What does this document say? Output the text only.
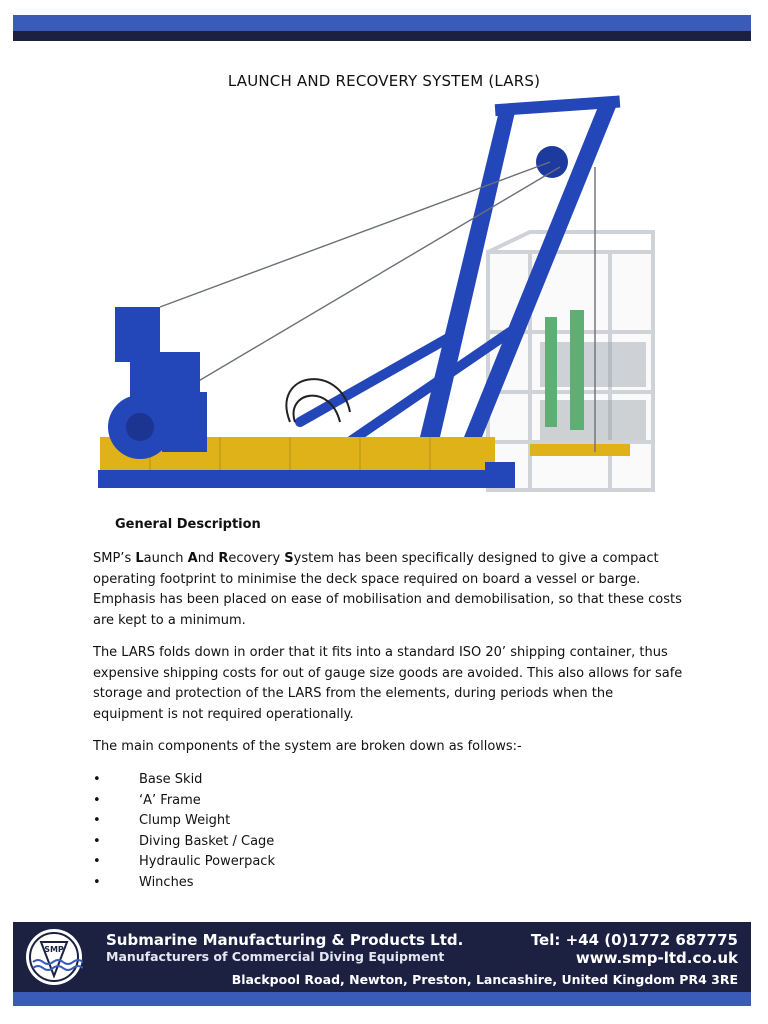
LAUNCH AND RECOVERY SYSTEM (LARS)
General Description

SMP’s Launch And Recovery System has been specifically designed to give a compact operating footprint to minimise the deck space required on board a vessel or barge. Emphasis has been placed on ease of mobilisation and demobilisation, so that these costs are kept to a minimum.

The LARS folds down in order that it fits into a standard ISO 20’ shipping container, thus expensive shipping costs for out of gauge size goods are avoided. This also allows for safe storage and protection of the LARS from the elements, during periods when the equipment is not required operationally.

The main components of the system are broken down as follows:-

•	Base Skid
•	‘A’ Frame
•	Clump Weight
•	Diving Basket / Cage
•	Hydraulic Powerpack
•	Winches
SMP
Submarine Manufacturing & Products Ltd.
Manufacturers of Commercial Diving Equipment
Tel: +44 (0)1772 687775
www.smp-ltd.co.uk
Blackpool Road, Newton, Preston, Lancashire, United Kingdom PR4 3RE
